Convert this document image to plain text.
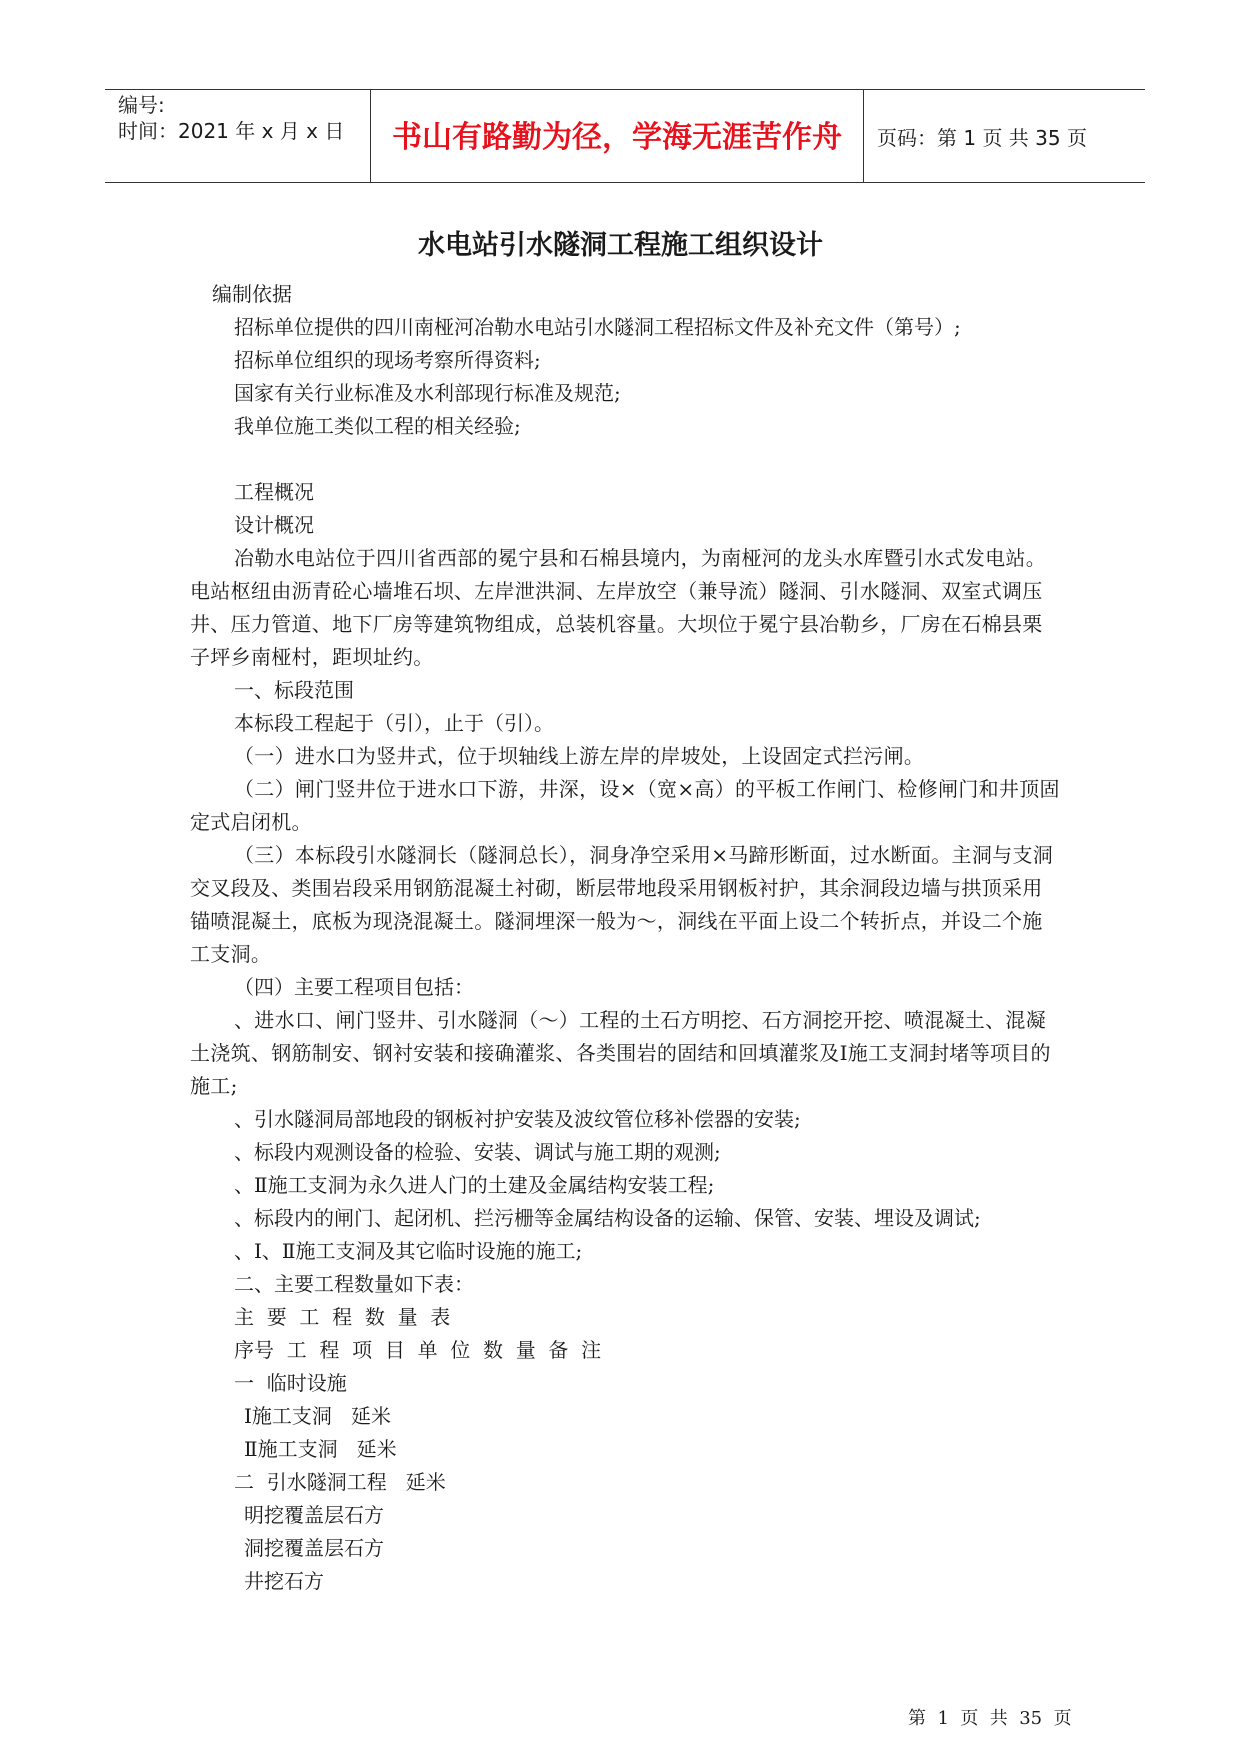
编号:
时间：2021 年 x 月 x 日	书山有路勤为径，学海无涯苦作舟	页码：第 1 页 共 35 页
水电站引水隧洞工程施工组织设计

编制依据

招标单位提供的四川南桠河冶勒水电站引水隧洞工程招标文件及补充文件（第号）;

招标单位组织的现场考察所得资料;

国家有关行业标准及水利部现行标准及规范;

我单位施工类似工程的相关经验;

工程概况

设计概况

冶勒水电站位于四川省西部的冕宁县和石棉县境内，为南桠河的龙头水库暨引水式发电站。电站枢纽由沥青砼心墙堆石坝、左岸泄洪洞、左岸放空（兼导流）隧洞、引水隧洞、双室式调压井、压力管道、地下厂房等建筑物组成，总装机容量。大坝位于冕宁县冶勒乡，厂房在石棉县栗子坪乡南桠村，距坝址约。

一、标段范围

本标段工程起于（引），止于（引）。

（一）进水口为竖井式，位于坝轴线上游左岸的岸坡处，上设固定式拦污闸。

（二）闸门竖井位于进水口下游，井深，设×（宽×高）的平板工作闸门、检修闸门和井顶固定式启闭机。

（三）本标段引水隧洞长（隧洞总长），洞身净空采用×马蹄形断面，过水断面。主洞与支洞交叉段及、类围岩段采用钢筋混凝土衬砌，断层带地段采用钢板衬护，其余洞段边墙与拱顶采用锚喷混凝土，底板为现浇混凝土。隧洞埋深一般为～，洞线在平面上设二个转折点，并设二个施工支洞。

（四）主要工程项目包括：

、进水口、闸门竖井、引水隧洞（～）工程的土石方明挖、石方洞挖开挖、喷混凝土、混凝土浇筑、钢筋制安、钢衬安装和接确灌浆、各类围岩的固结和回填灌浆及Ⅰ施工支洞封堵等项目的施工;

、引水隧洞局部地段的钢板衬护安装及波纹管位移补偿器的安装;

、标段内观测设备的检验、安装、调试与施工期的观测;

、Ⅱ施工支洞为永久进人门的土建及金属结构安装工程;

、标段内的闸门、起闭机、拦污栅等金属结构设备的运输、保管、安装、埋设及调试;

、Ⅰ、Ⅱ施工支洞及其它临时设施的施工;

二、主要工程数量如下表：

主  要  工  程  数  量  表

序号  工  程  项  目  单  位  数  量  备  注

一  临时设施

Ⅰ施工支洞   延米

Ⅱ施工支洞   延米

二  引水隧洞工程   延米

明挖覆盖层石方

洞挖覆盖层石方

井挖石方

第  1  页  共  35  页
